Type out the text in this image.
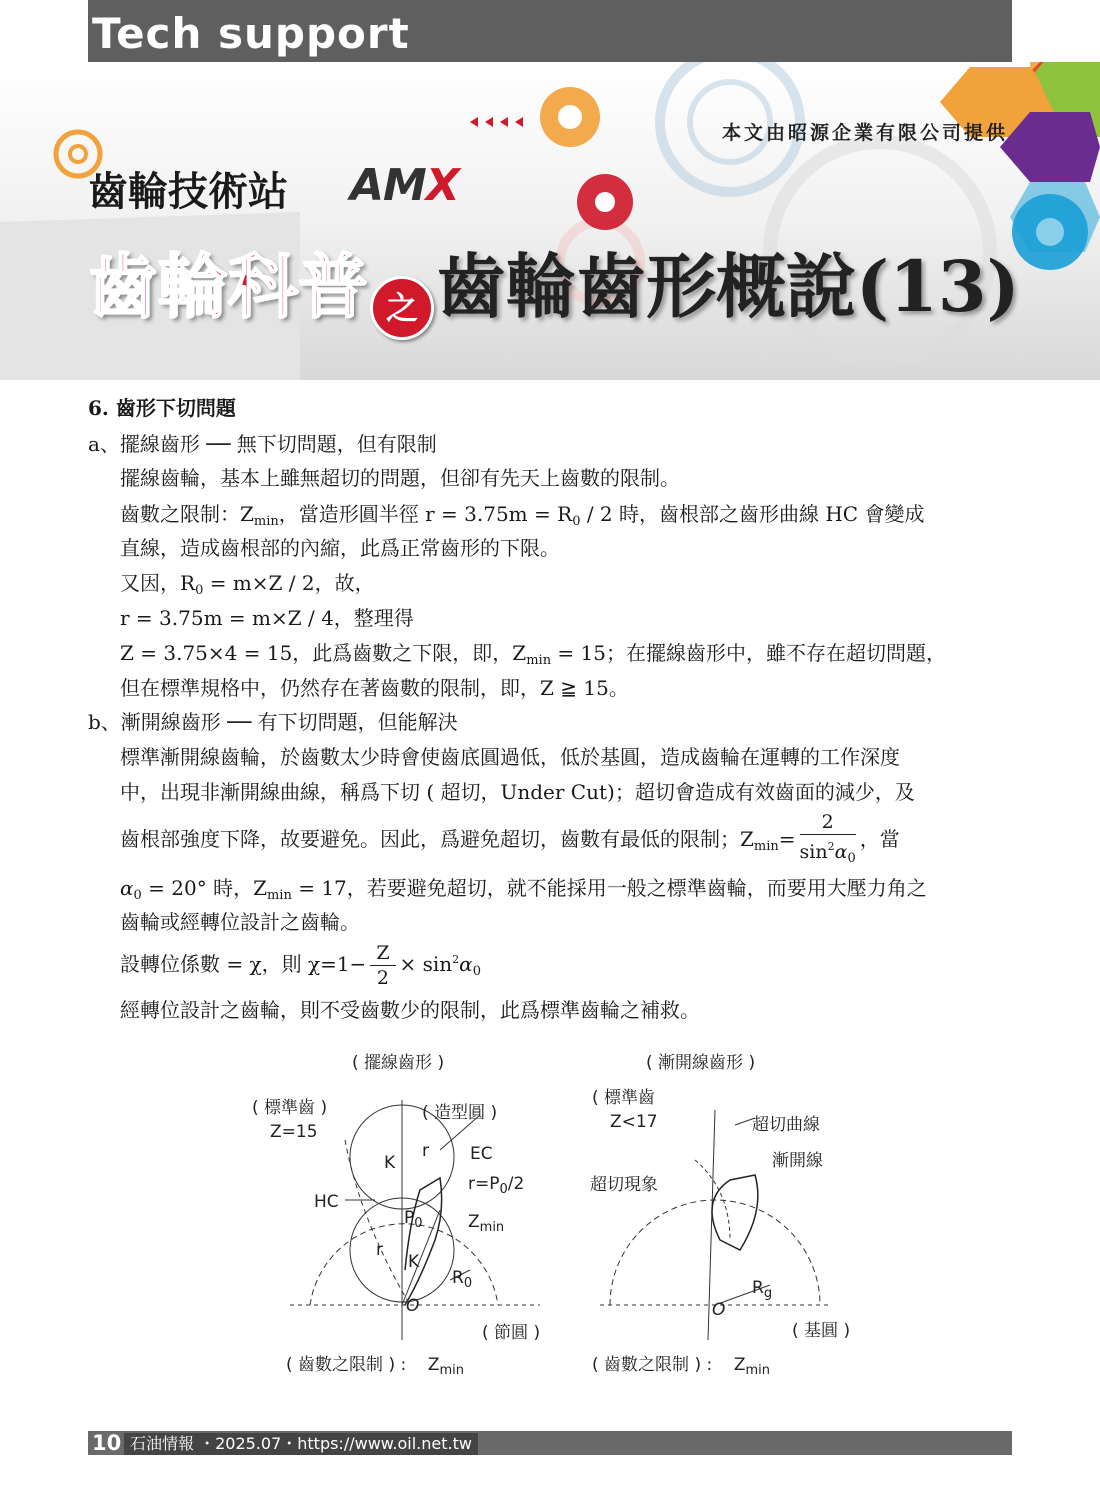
Tech support
本文由昭源企業有限公司提供
齒輪技術站 AMX
齒輪科普 之 齒輪齒形概說(13)
6. 齒形下切問題
a、擺線齒形 ── 無下切問題，但有限制
擺線齒輪，基本上雖無超切的問題，但卻有先天上齒數的限制。
齒數之限制：$Z_{min}$，當造形圓半徑 $r = 3.75m = R_0 / 2$ 時，齒根部之齒形曲線 HC 會變成
直線，造成齒根部的內縮，此爲正常齒形的下限。
又因，$R_0 = m\times Z / 2$，故，
r = 3.75m = m×Z / 4，整理得
Z = 3.75×4 = 15，此爲齒數之下限，即，$Z_{min} = 15$；在擺線齒形中，雖不存在超切問題，
但在標準規格中，仍然存在著齒數的限制，即，Z ≧ 15。
b、漸開線齒形 ── 有下切問題，但能解決
標準漸開線齒輪，於齒數太少時會使齒底圓過低，低於基圓，造成齒輪在運轉的工作深度
中，出現非漸開線曲線，稱爲下切 ( 超切，Under Cut)；超切會造成有效齒面的減少，及
齒根部強度下降，故要避免。因此，爲避免超切，齒數有最低的限制；$Z_{min}= \frac{2}{\sin^2\alpha_0}$ ，當
$\alpha_0 = 20^\circ$ 時，$Z_{min} = 17$，若要避免超切，就不能採用一般之標準齒輪，而要用大壓力角之
齒輪或經轉位設計之齒輪。
設轉位係數 = χ，則 $\chi=1- \frac{Z}{2} \times \sin^2\alpha_0$
經轉位設計之齒輪，則不受齒數少的限制，此爲標準齒輪之補救。
( 擺線齒形 )
( 標準齒 )
Z=15
( 造型圓 )
K
r EC
$r=P_0/2$
HC
$P_0$	$Z_{min}$
r
K
$R_0$
O
( 節圓 )
( 齒數之限制 ) : $Z_{min}$
( 漸開線齒形 )
( 標準齒
Z<17	超切曲線
漸開線
超切現象
$R_g$
O
( 基圓 )
( 齒數之限制 ) : $Z_{min}$
10 石油情報 ・2025.07・https://www.oil.net.tw
